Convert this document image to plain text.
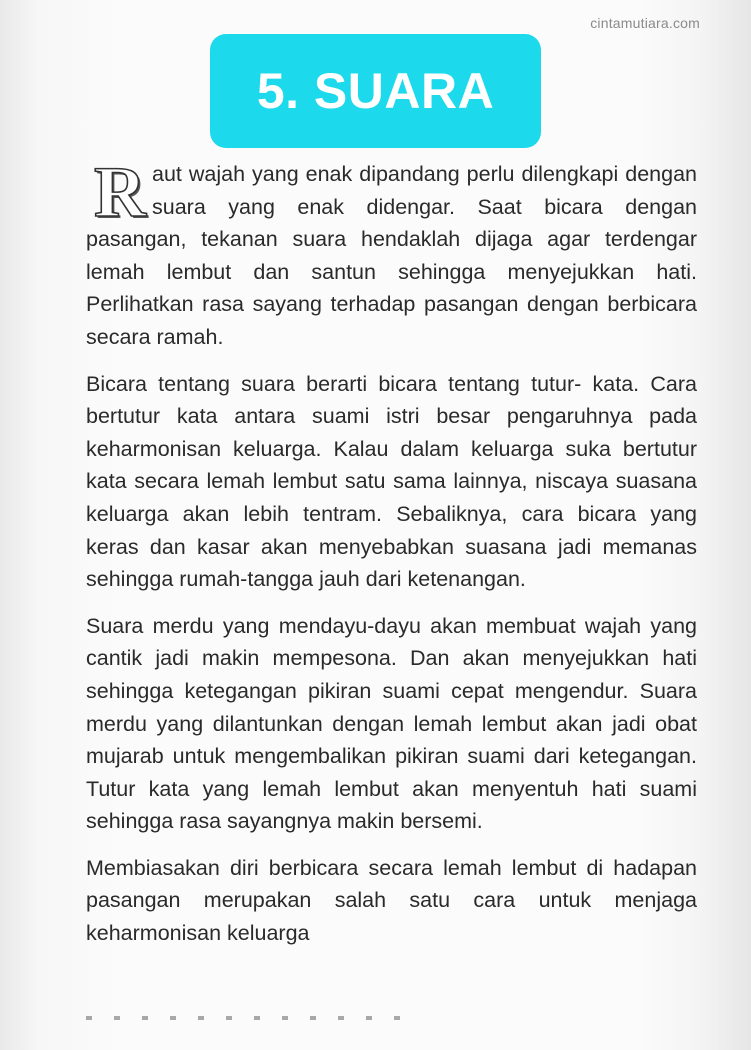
cintamutiara.com
5. SUARA

Raut wajah yang enak dipandang perlu dilengkapi dengan suara yang enak didengar. Saat bicara dengan pasangan, tekanan suara hendaklah dijaga agar terdengar lemah lembut dan santun sehingga menyejukkan hati. Perlihatkan rasa sayang terhadap pasangan dengan berbicara secara ramah.

Bicara tentang suara berarti bicara tentang tutur- kata. Cara bertutur kata antara suami istri besar pengaruhnya pada keharmonisan keluarga. Kalau dalam keluarga suka bertutur kata secara lemah lembut satu sama lainnya, niscaya suasana keluarga akan lebih tentram. Sebaliknya, cara bicara yang keras dan kasar akan menyebabkan suasana jadi memanas sehingga rumah-tangga jauh dari ketenangan.

Suara merdu yang mendayu-dayu akan membuat wajah yang cantik jadi makin mempesona. Dan akan menyejukkan hati sehingga ketegangan pikiran suami cepat mengendur. Suara merdu yang dilantunkan dengan lemah lembut akan jadi obat mujarab untuk mengembalikan pikiran suami dari ketegangan. Tutur kata yang lemah lembut akan menyentuh hati suami sehingga rasa sayangnya makin bersemi.

Membiasakan diri berbicara secara lemah lembut di hadapan pasangan merupakan salah satu cara untuk menjaga keharmonisan keluarga
